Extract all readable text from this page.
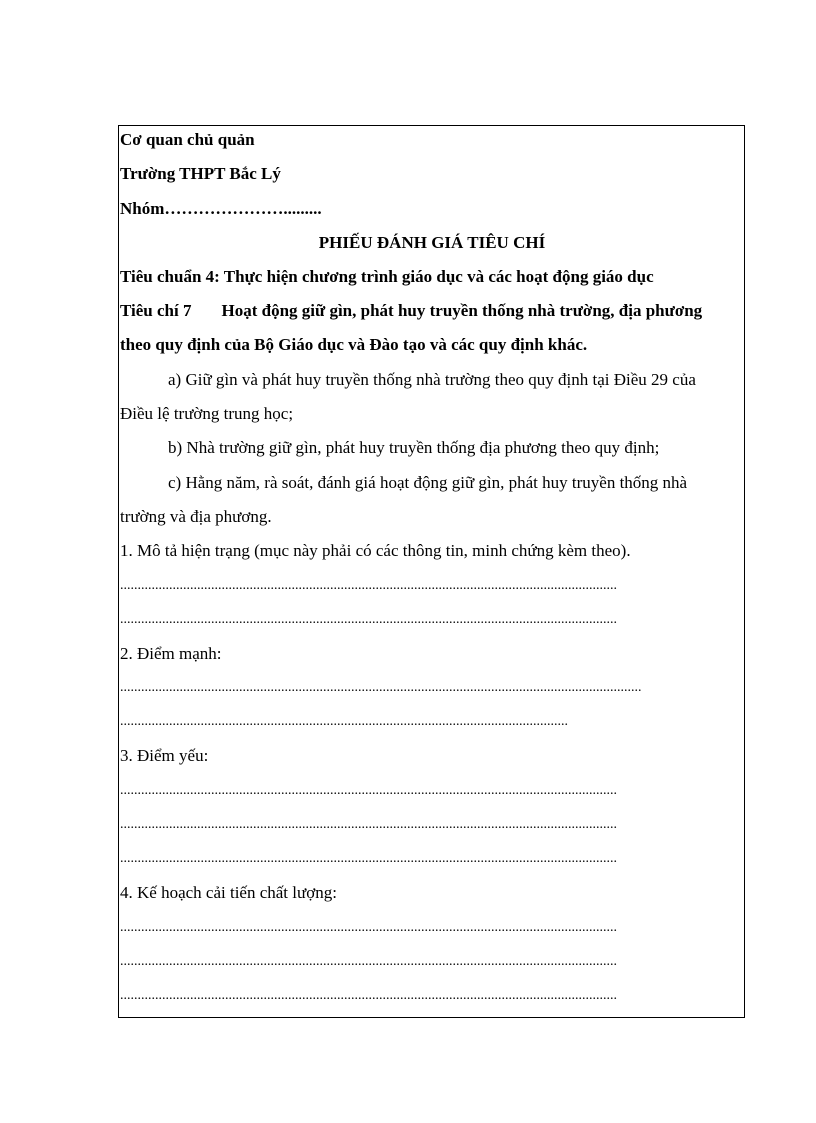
Cơ quan chủ quản
Trường THPT Bắc Lý
Nhóm………………….........
PHIẾU ĐÁNH GIÁ TIÊU CHÍ
Tiêu chuẩn 4: Thực hiện chương trình giáo dục và các hoạt động giáo dục
Tiêu chí 7 Hoạt động giữ gìn, phát huy truyền thống nhà trường, địa phương
theo quy định của Bộ Giáo dục và Đào tạo và các quy định khác.
a) Giữ gìn và phát huy truyền thống nhà trường theo quy định tại Điều 29 của
Điều lệ trường trung học;
b) Nhà trường giữ gìn, phát huy truyền thống địa phương theo quy định;
c) Hằng năm, rà soát, đánh giá hoạt động giữ gìn, phát huy truyền thống nhà
trường và địa phương.
1. Mô tả hiện trạng (mục này phải có các thông tin, minh chứng kèm theo).
..............................................................................................................................................
..............................................................................................................................................
2. Điểm mạnh:
.....................................................................................................................................................
................................................................................................................................
3. Điểm yếu:
..............................................................................................................................................
..............................................................................................................................................
..............................................................................................................................................
4. Kế hoạch cải tiến chất lượng:
..............................................................................................................................................
..............................................................................................................................................
..............................................................................................................................................
